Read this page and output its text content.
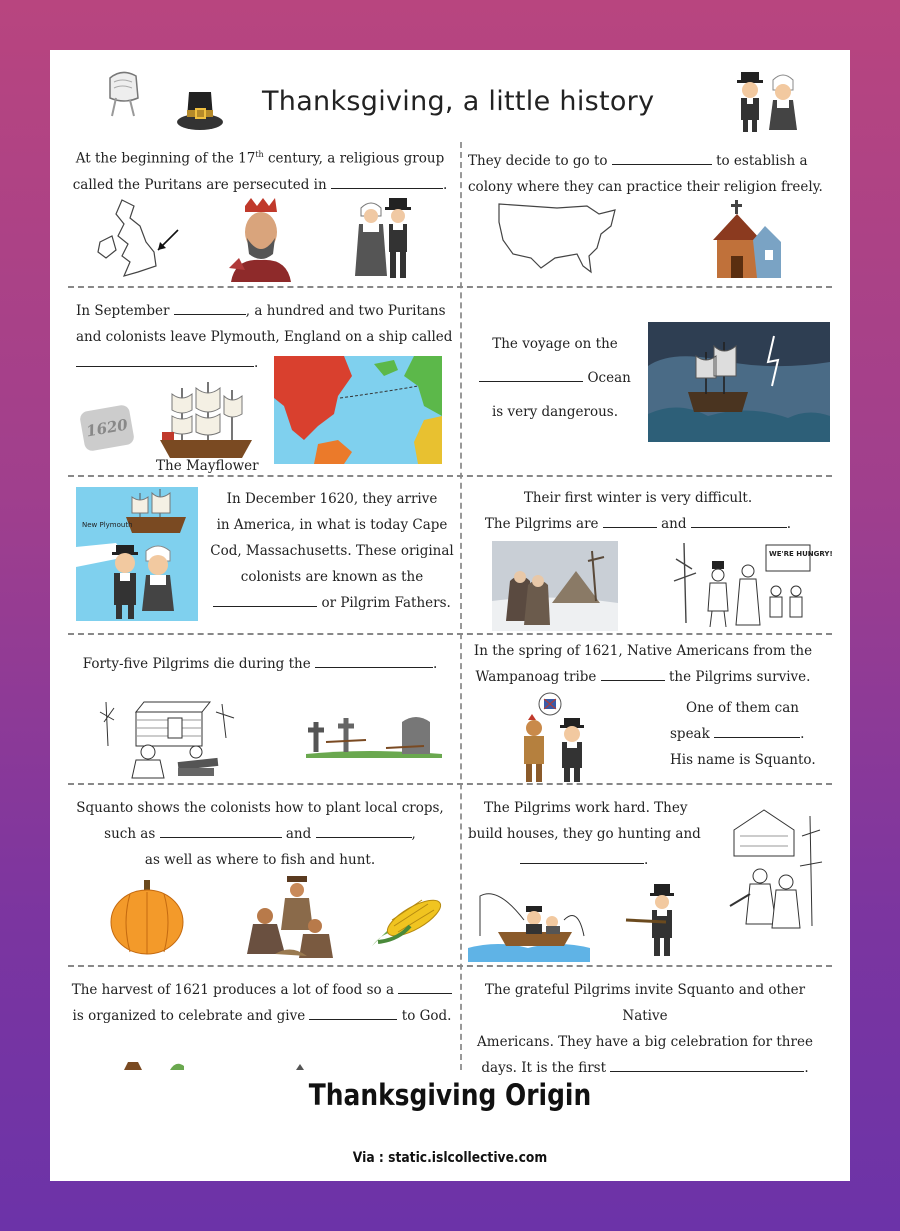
Thanksgiving, a little history
At the beginning of the 17th century, a religious group
called the Puritans are persecuted in	.
They decide to go to	to establish a
colony where they can practice their religion freely.
In September	, a hundred and two Puritans
and colonists leave Plymouth, England on a ship called
.
1620
The Mayflower
The voyage on the
Ocean
is very dangerous.
New Plymouth
In December 1620, they arrive
in America, in what is today Cape
Cod, Massachusetts. These original
colonists are known as the
or Pilgrim Fathers.
Their first winter is very difficult.
The Pilgrims are	and	.
WE'RE HUNGRY!
Forty-five Pilgrims die during the	.
In the spring of 1621, Native Americans from the
Wampanoag tribe	the Pilgrims survive.
One of them can
speak	.
His name is Squanto.
Squanto shows the colonists how to plant local crops,
such as	and	,
as well as where to fish and hunt.
The Pilgrims work hard. They
build houses, they go hunting and
.
The harvest of 1621 produces a lot of food so a
is organized to celebrate and give	to God.
The grateful Pilgrims invite Squanto and other Native
Americans. They have a big celebration for three
days. It is the first	.
Thanksgiving Origin
Via : static.islcollective.com
